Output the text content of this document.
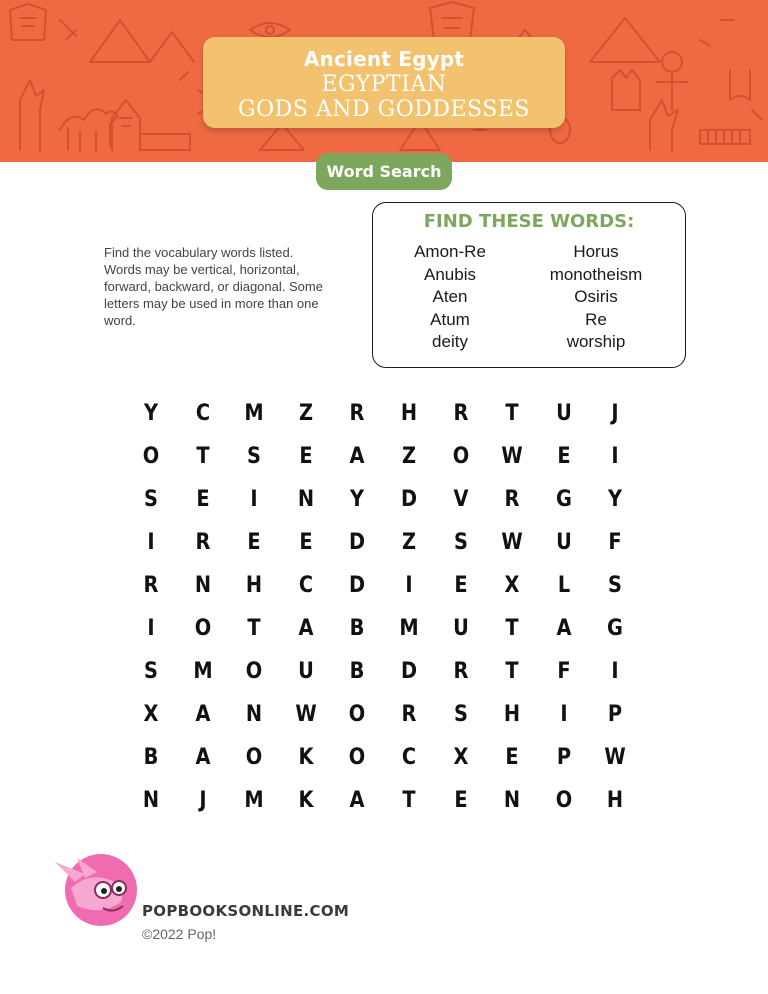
Ancient Egypt
EGYPTIAN
GODS AND GODDESSES
Word Search

Find the vocabulary words listed. Words may be vertical, horizontal, forward, backward, or diagonal. Some letters may be used in more than one word.

FIND THESE WORDS:
Amon-Re
Anubis
Aten
Atum
deity
Horus
monotheism
Osiris
Re
worship
Y	C	M	Z	R	H	R	T	U	J
O	T	S	E	A	Z	O	W	E	I
S	E	I	N	Y	D	V	R	G	Y
I	R	E	E	D	Z	S	W	U	F
R	N	H	C	D	I	E	X	L	S
I	O	T	A	B	M	U	T	A	G
S	M	O	U	B	D	R	T	F	I
X	A	N	W	O	R	S	H	I	P
B	A	O	K	O	C	X	E	P	W
N	J	M	K	A	T	E	N	O	H
POPBOOKSONLINE.COM
©2022 Pop!
